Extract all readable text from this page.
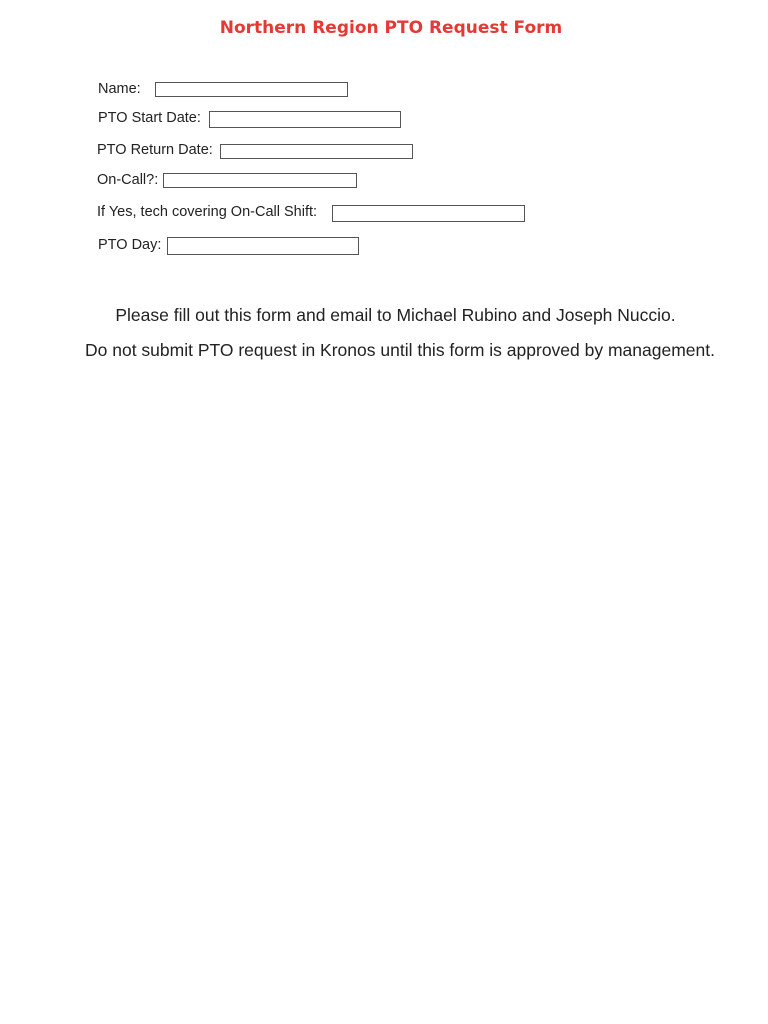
Northern Region PTO Request Form
Name:
PTO Start Date:
PTO Return Date:
On-Call?:
If Yes, tech covering On-Call Shift:
PTO Day:
Please fill out this form and email to Michael Rubino and Joseph Nuccio.
Do not submit PTO request in Kronos until this form is approved by management.
